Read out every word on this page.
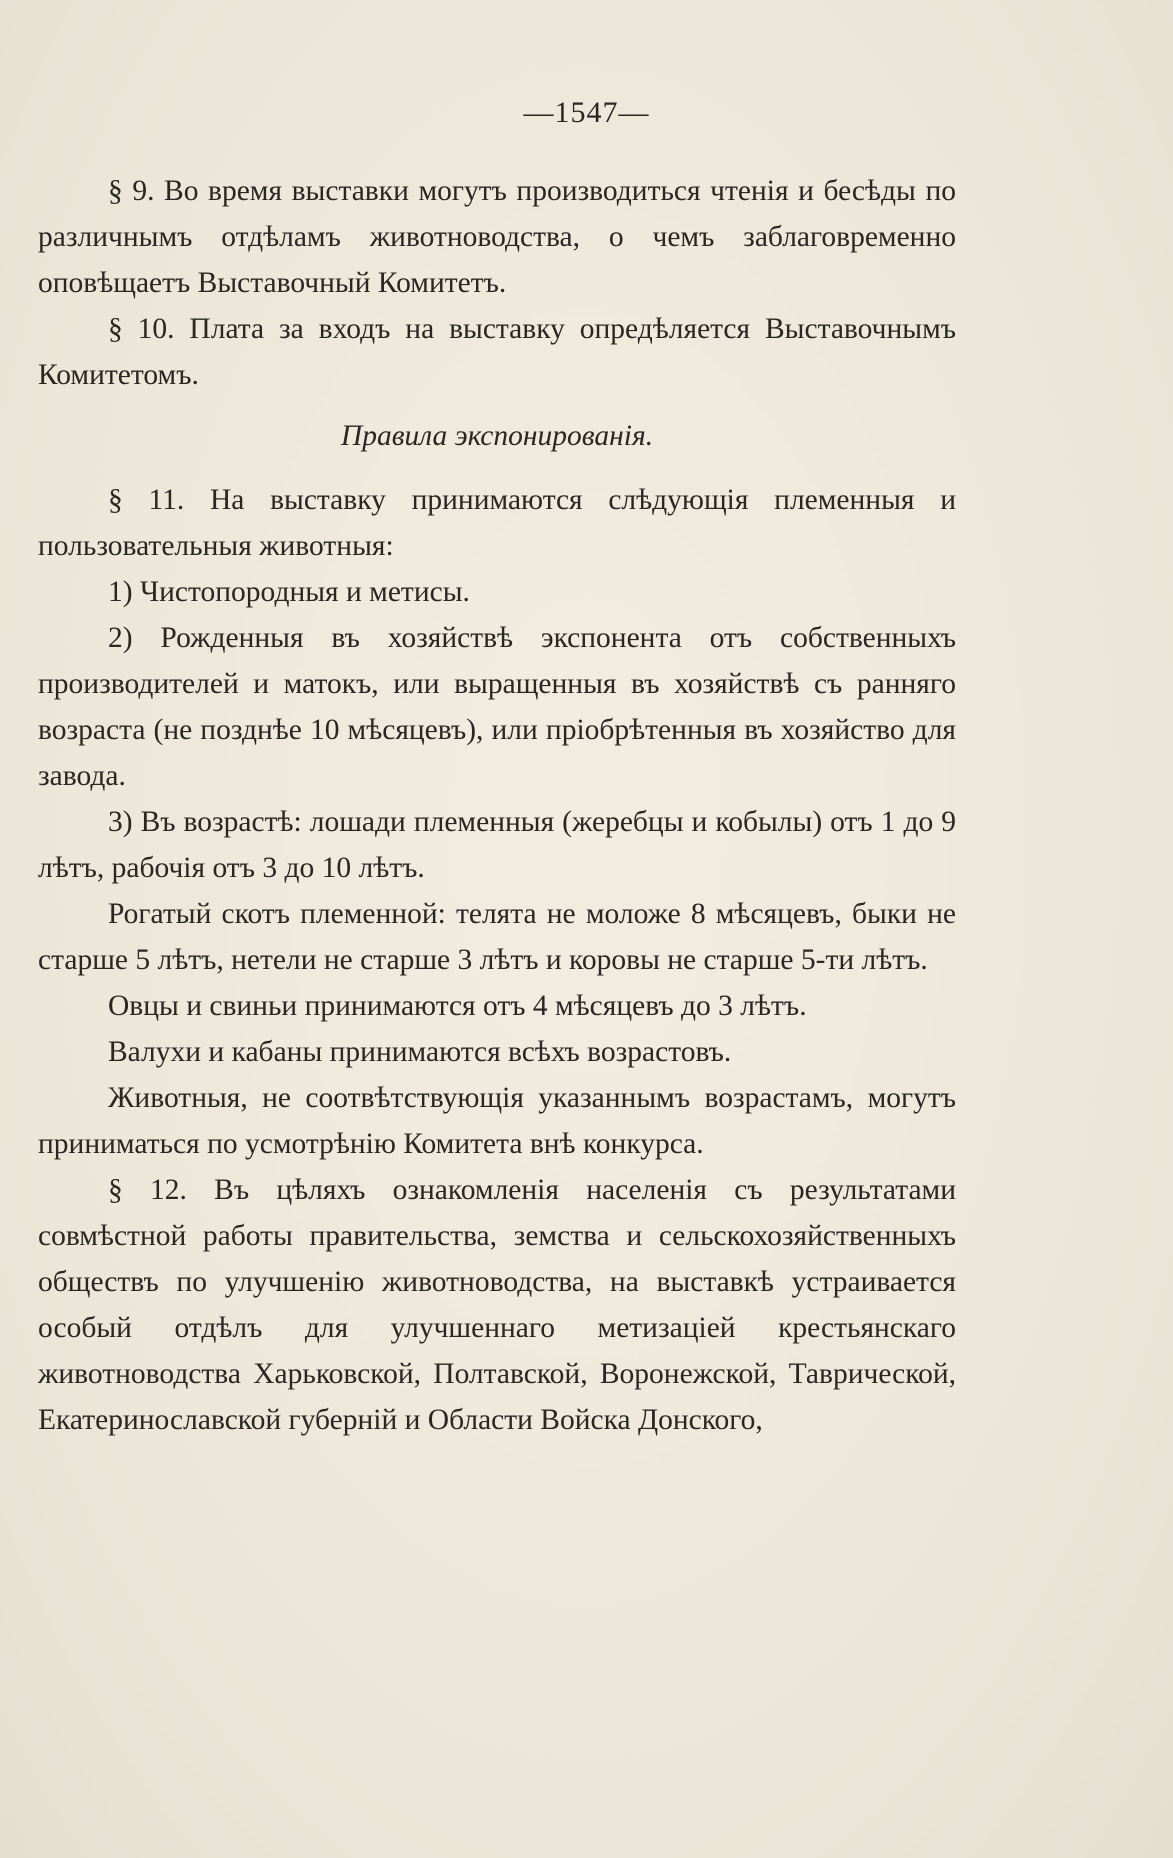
—1547—

§ 9. Во время выставки могутъ производиться чтенія и бесѣды по различнымъ отдѣламъ животноводства, о чемъ заблаговременно оповѣщаетъ Выставочный Комитетъ.

§ 10. Плата за входъ на выставку опредѣляется Выставочнымъ Комитетомъ.

Правила экспонированія.

§ 11. На выставку принимаются слѣдующія племенныя и пользовательныя животныя:

1) Чистопородныя и метисы.

2) Рожденныя въ хозяйствѣ экспонента отъ собственныхъ производителей и матокъ, или выращенныя въ хозяйствѣ съ ранняго возраста (не позднѣе 10 мѣсяцевъ), или пріобрѣтенныя въ хозяйство для завода.

3) Въ возрастѣ: лошади племенныя (жеребцы и кобылы) отъ 1 до 9 лѣтъ, рабочія отъ 3 до 10 лѣтъ.

Рогатый скотъ племенной: телята не моложе 8 мѣсяцевъ, быки не старше 5 лѣтъ, нетели не старше 3 лѣтъ и коровы не старше 5-ти лѣтъ.

Овцы и свиньи принимаются отъ 4 мѣсяцевъ до 3 лѣтъ.

Валухи и кабаны принимаются всѣхъ возрастовъ.

Животныя, не соотвѣтствующія указаннымъ возрастамъ, могутъ приниматься по усмотрѣнію Комитета внѣ конкурса.

§ 12. Въ цѣляхъ ознакомленія населенія съ результатами совмѣстной работы правительства, земства и сельскохозяйственныхъ обществъ по улучшенію животноводства, на выставкѣ устраивается особый отдѣлъ для улучшеннаго метизаціей крестьянскаго животноводства Харьковской, Полтавской, Воронежской, Таврической, Екатеринославской губерній и Области Войска Донского,
